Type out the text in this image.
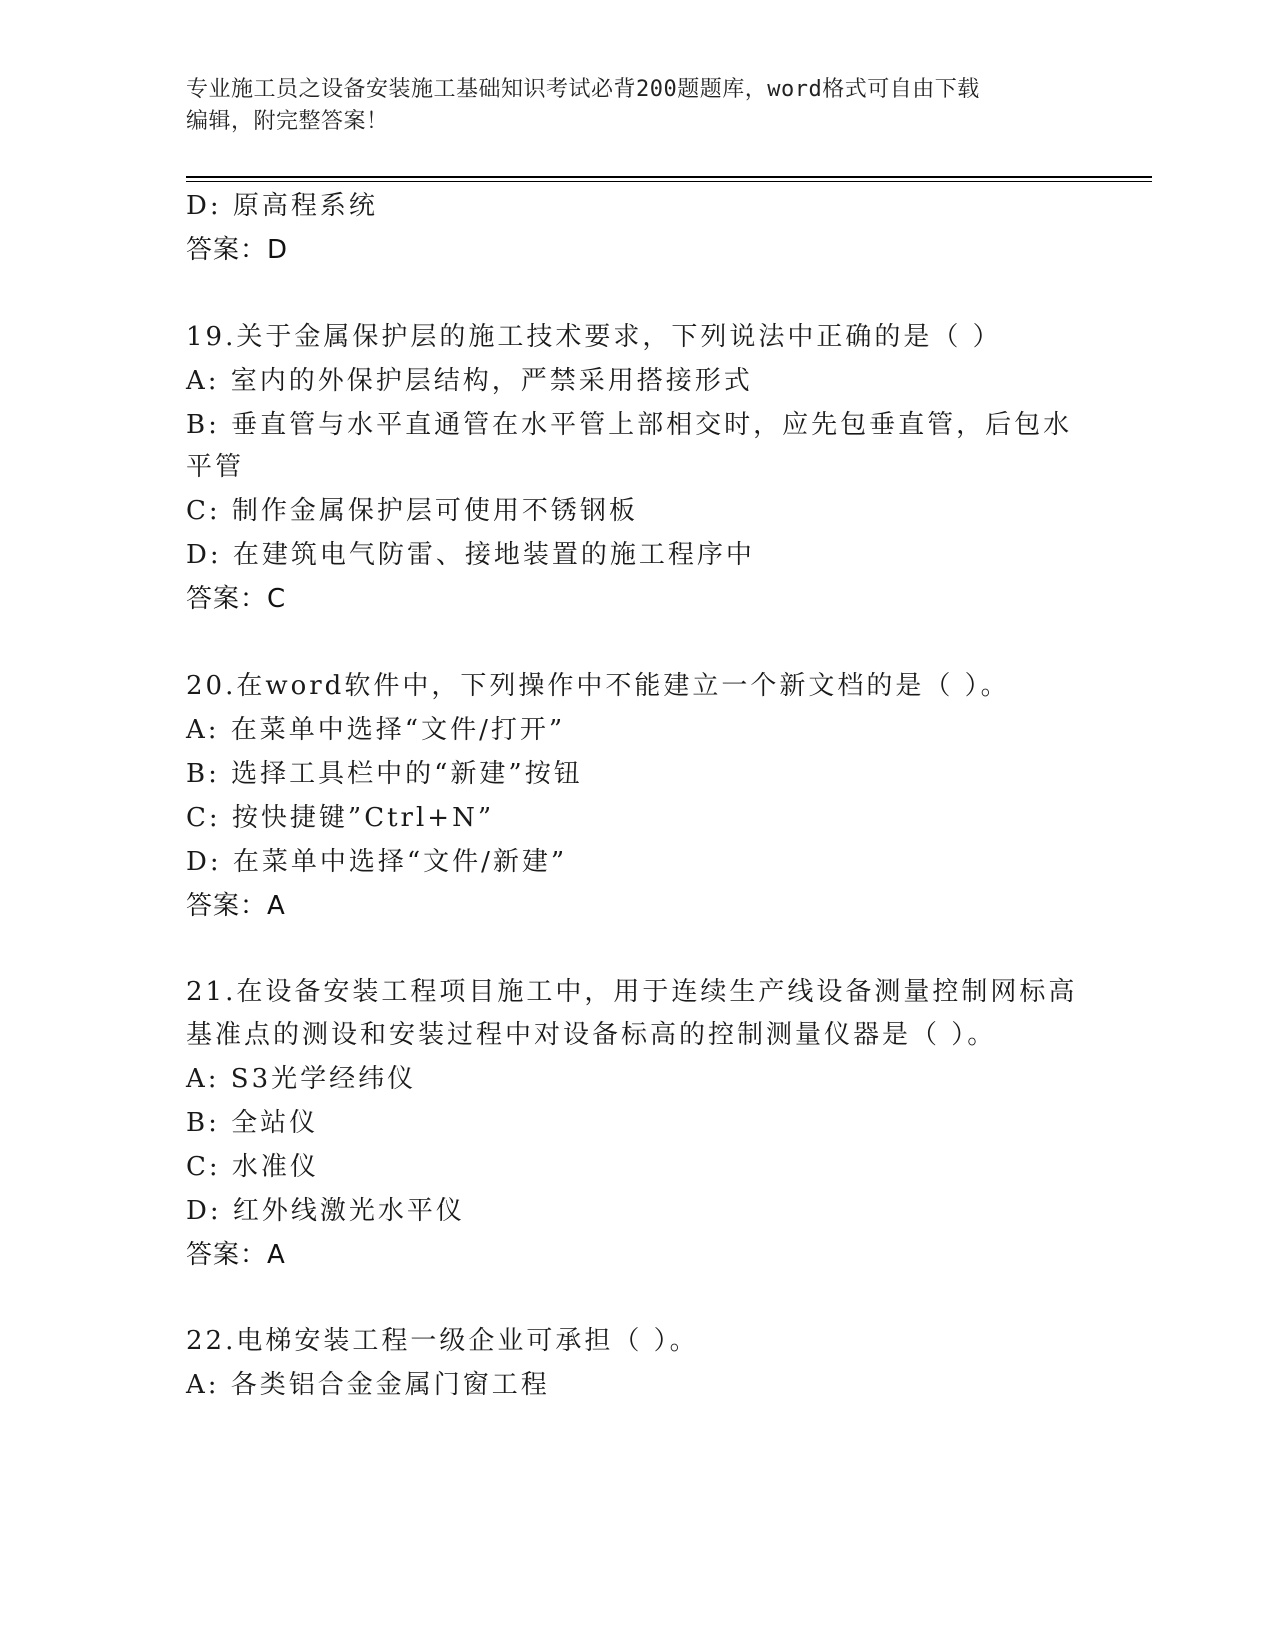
专业施工员之设备安装施工基础知识考试必背200题题库，word格式可自由下载
编辑，附完整答案！
D: 原高程系统
答案：D
19.关于金属保护层的施工技术要求，下列说法中正确的是（ ）
A: 室内的外保护层结构，严禁采用搭接形式
B: 垂直管与水平直通管在水平管上部相交时，应先包垂直管，后包水
平管
C: 制作金属保护层可使用不锈钢板
D: 在建筑电气防雷、接地装置的施工程序中
答案：C
20.在word软件中，下列操作中不能建立一个新文档的是（ ）。
A: 在菜单中选择“文件/打开”
B: 选择工具栏中的“新建”按钮
C: 按快捷键”Ctrl+N”
D: 在菜单中选择“文件/新建”
答案：A
21.在设备安装工程项目施工中，用于连续生产线设备测量控制网标高
基准点的测设和安装过程中对设备标高的控制测量仪器是（ ）。
A: S3光学经纬仪
B: 全站仪
C: 水准仪
D: 红外线激光水平仪
答案：A
22.电梯安装工程一级企业可承担（ ）。
A: 各类铝合金金属门窗工程
